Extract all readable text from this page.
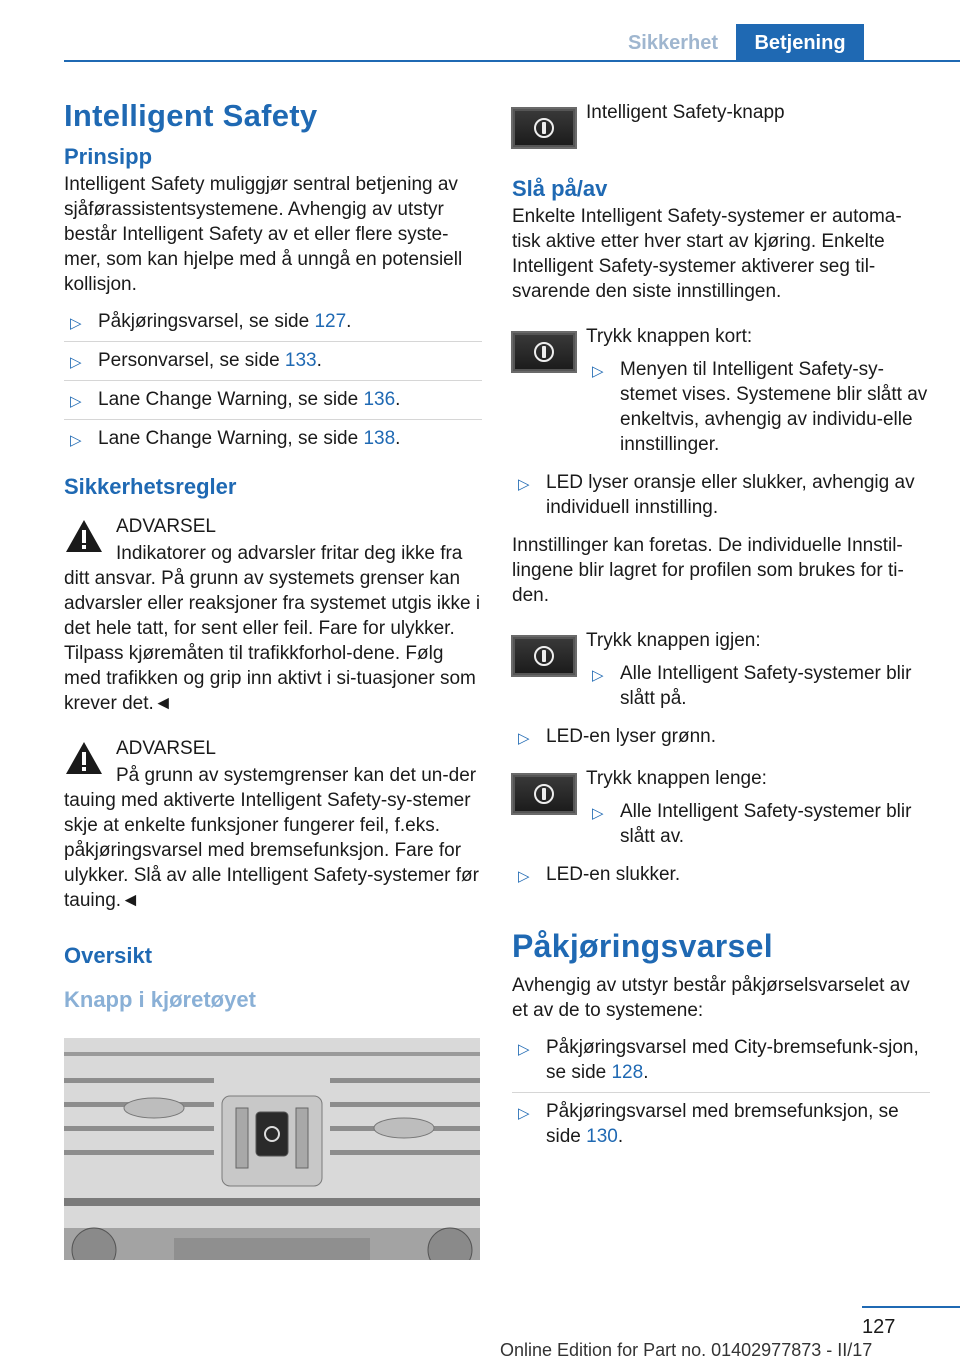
Sikkerhet	Betjening
Intelligent Safety
Prinsipp

Intelligent Safety muliggjør sentral betjening av sjåførassistentsystemene. Avhengig av utstyr består Intelligent Safety av et eller flere syste-mer, som kan hjelpe med å unngå en potensiell kollisjon.

▷ Påkjøringsvarsel, se side 127.
▷ Personvarsel, se side 133.
▷ Lane Change Warning, se side 136.
▷ Lane Change Warning, se side 138.
Sikkerhetsregler
ADVARSEL

Indikatorer og advarsler fritar deg ikke fra ditt ansvar. På grunn av systemets grenser kan advarsler eller reaksjoner fra systemet utgis ikke i det hele tatt, for sent eller feil. Fare for ulykker. Tilpass kjøremåten til trafikkforhol-dene. Følg med trafikken og grip inn aktivt i si-tuasjoner som krever det.◄

ADVARSEL

På grunn av systemgrenser kan det un-der tauing med aktiverte Intelligent Safety-sy-stemer skje at enkelte funksjoner fungerer feil, f.eks. påkjøringsvarsel med bremsefunksjon. Fare for ulykker. Slå av alle Intelligent Safety-systemer før tauing.◄

Oversikt
Knapp i kjøretøyet

Intelligent Safety-knapp

Slå på/av

Enkelte Intelligent Safety-systemer er automa-tisk aktive etter hver start av kjøring. Enkelte Intelligent Safety-systemer aktiverer seg til-svarende den siste innstillingen.

Trykk knappen kort:

▷ Menyen til Intelligent Safety-sy-stemet vises. Systemene blir slått av enkeltvis, avhengig av individu-elle innstillinger.
▷ LED lyser oransje eller slukker, avhengig av individuell innstilling.

Innstillinger kan foretas. De individuelle Innstil-lingene blir lagret for profilen som brukes for ti-den.

Trykk knappen igjen:

▷ Alle Intelligent Safety-systemer blir slått på.
▷ LED-en lyser grønn.

Trykk knappen lenge:

▷ Alle Intelligent Safety-systemer blir slått av.
▷ LED-en slukker.
Påkjøringsvarsel

Avhengig av utstyr består påkjørselsvarselet av et av de to systemene:

▷ Påkjøringsvarsel med City-bremsefunk-sjon, se side 128.
▷ Påkjøringsvarsel med bremsefunksjon, se side 130.
127
Online Edition for Part no. 01402977873 - II/17
